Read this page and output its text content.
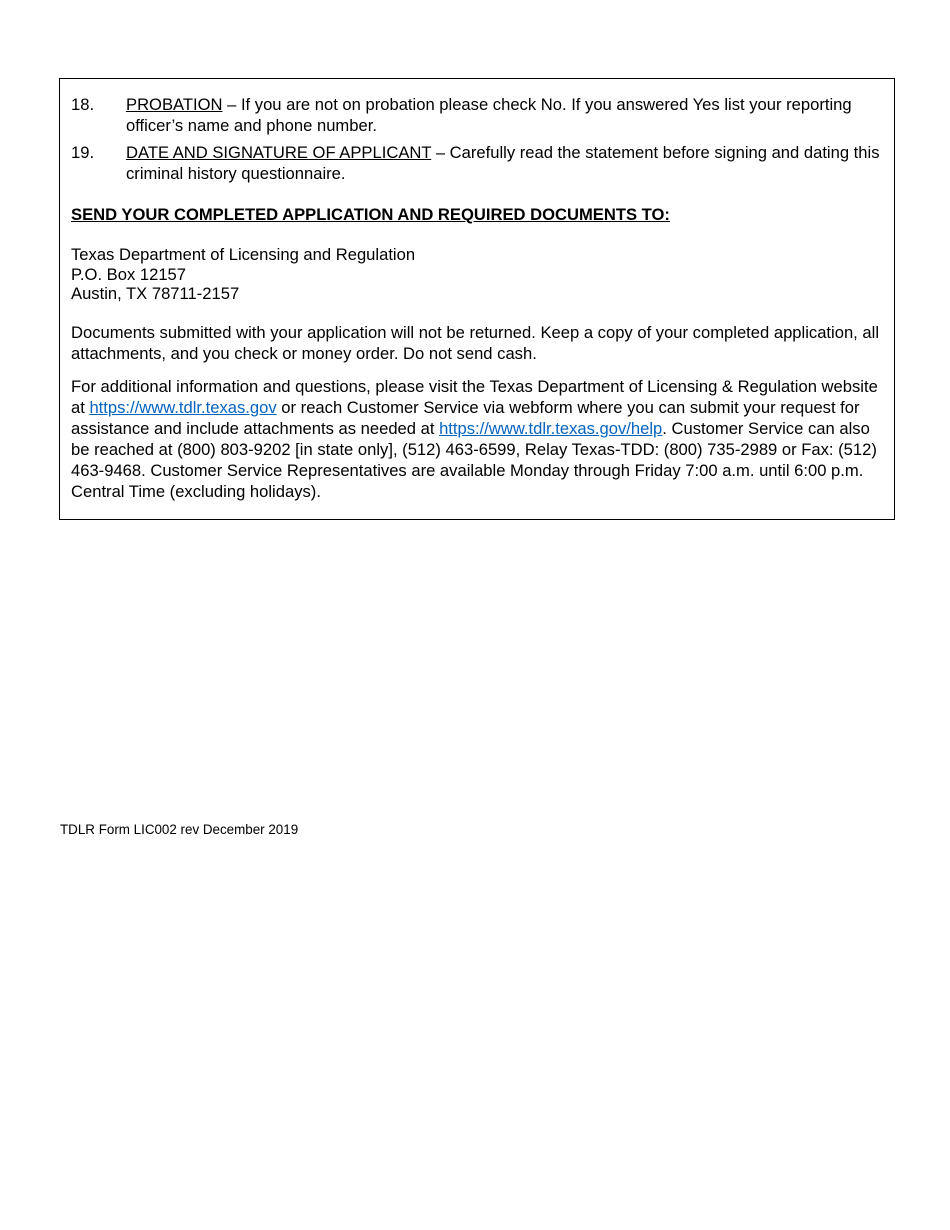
18. PROBATION – If you are not on probation please check No. If you answered Yes list your reporting officer’s name and phone number.
19. DATE AND SIGNATURE OF APPLICANT – Carefully read the statement before signing and dating this criminal history questionnaire.
SEND YOUR COMPLETED APPLICATION AND REQUIRED DOCUMENTS TO:
Texas Department of Licensing and Regulation
P.O. Box 12157
Austin, TX 78711-2157
Documents submitted with your application will not be returned. Keep a copy of your completed application, all attachments, and you check or money order. Do not send cash.
For additional information and questions, please visit the Texas Department of Licensing & Regulation website at https://www.tdlr.texas.gov or reach Customer Service via webform where you can submit your request for assistance and include attachments as needed at https://www.tdlr.texas.gov/help. Customer Service can also be reached at (800) 803-9202 [in state only], (512) 463-6599, Relay Texas-TDD: (800) 735-2989 or Fax: (512) 463-9468. Customer Service Representatives are available Monday through Friday 7:00 a.m. until 6:00 p.m. Central Time (excluding holidays).
TDLR Form LIC002 rev December 2019
